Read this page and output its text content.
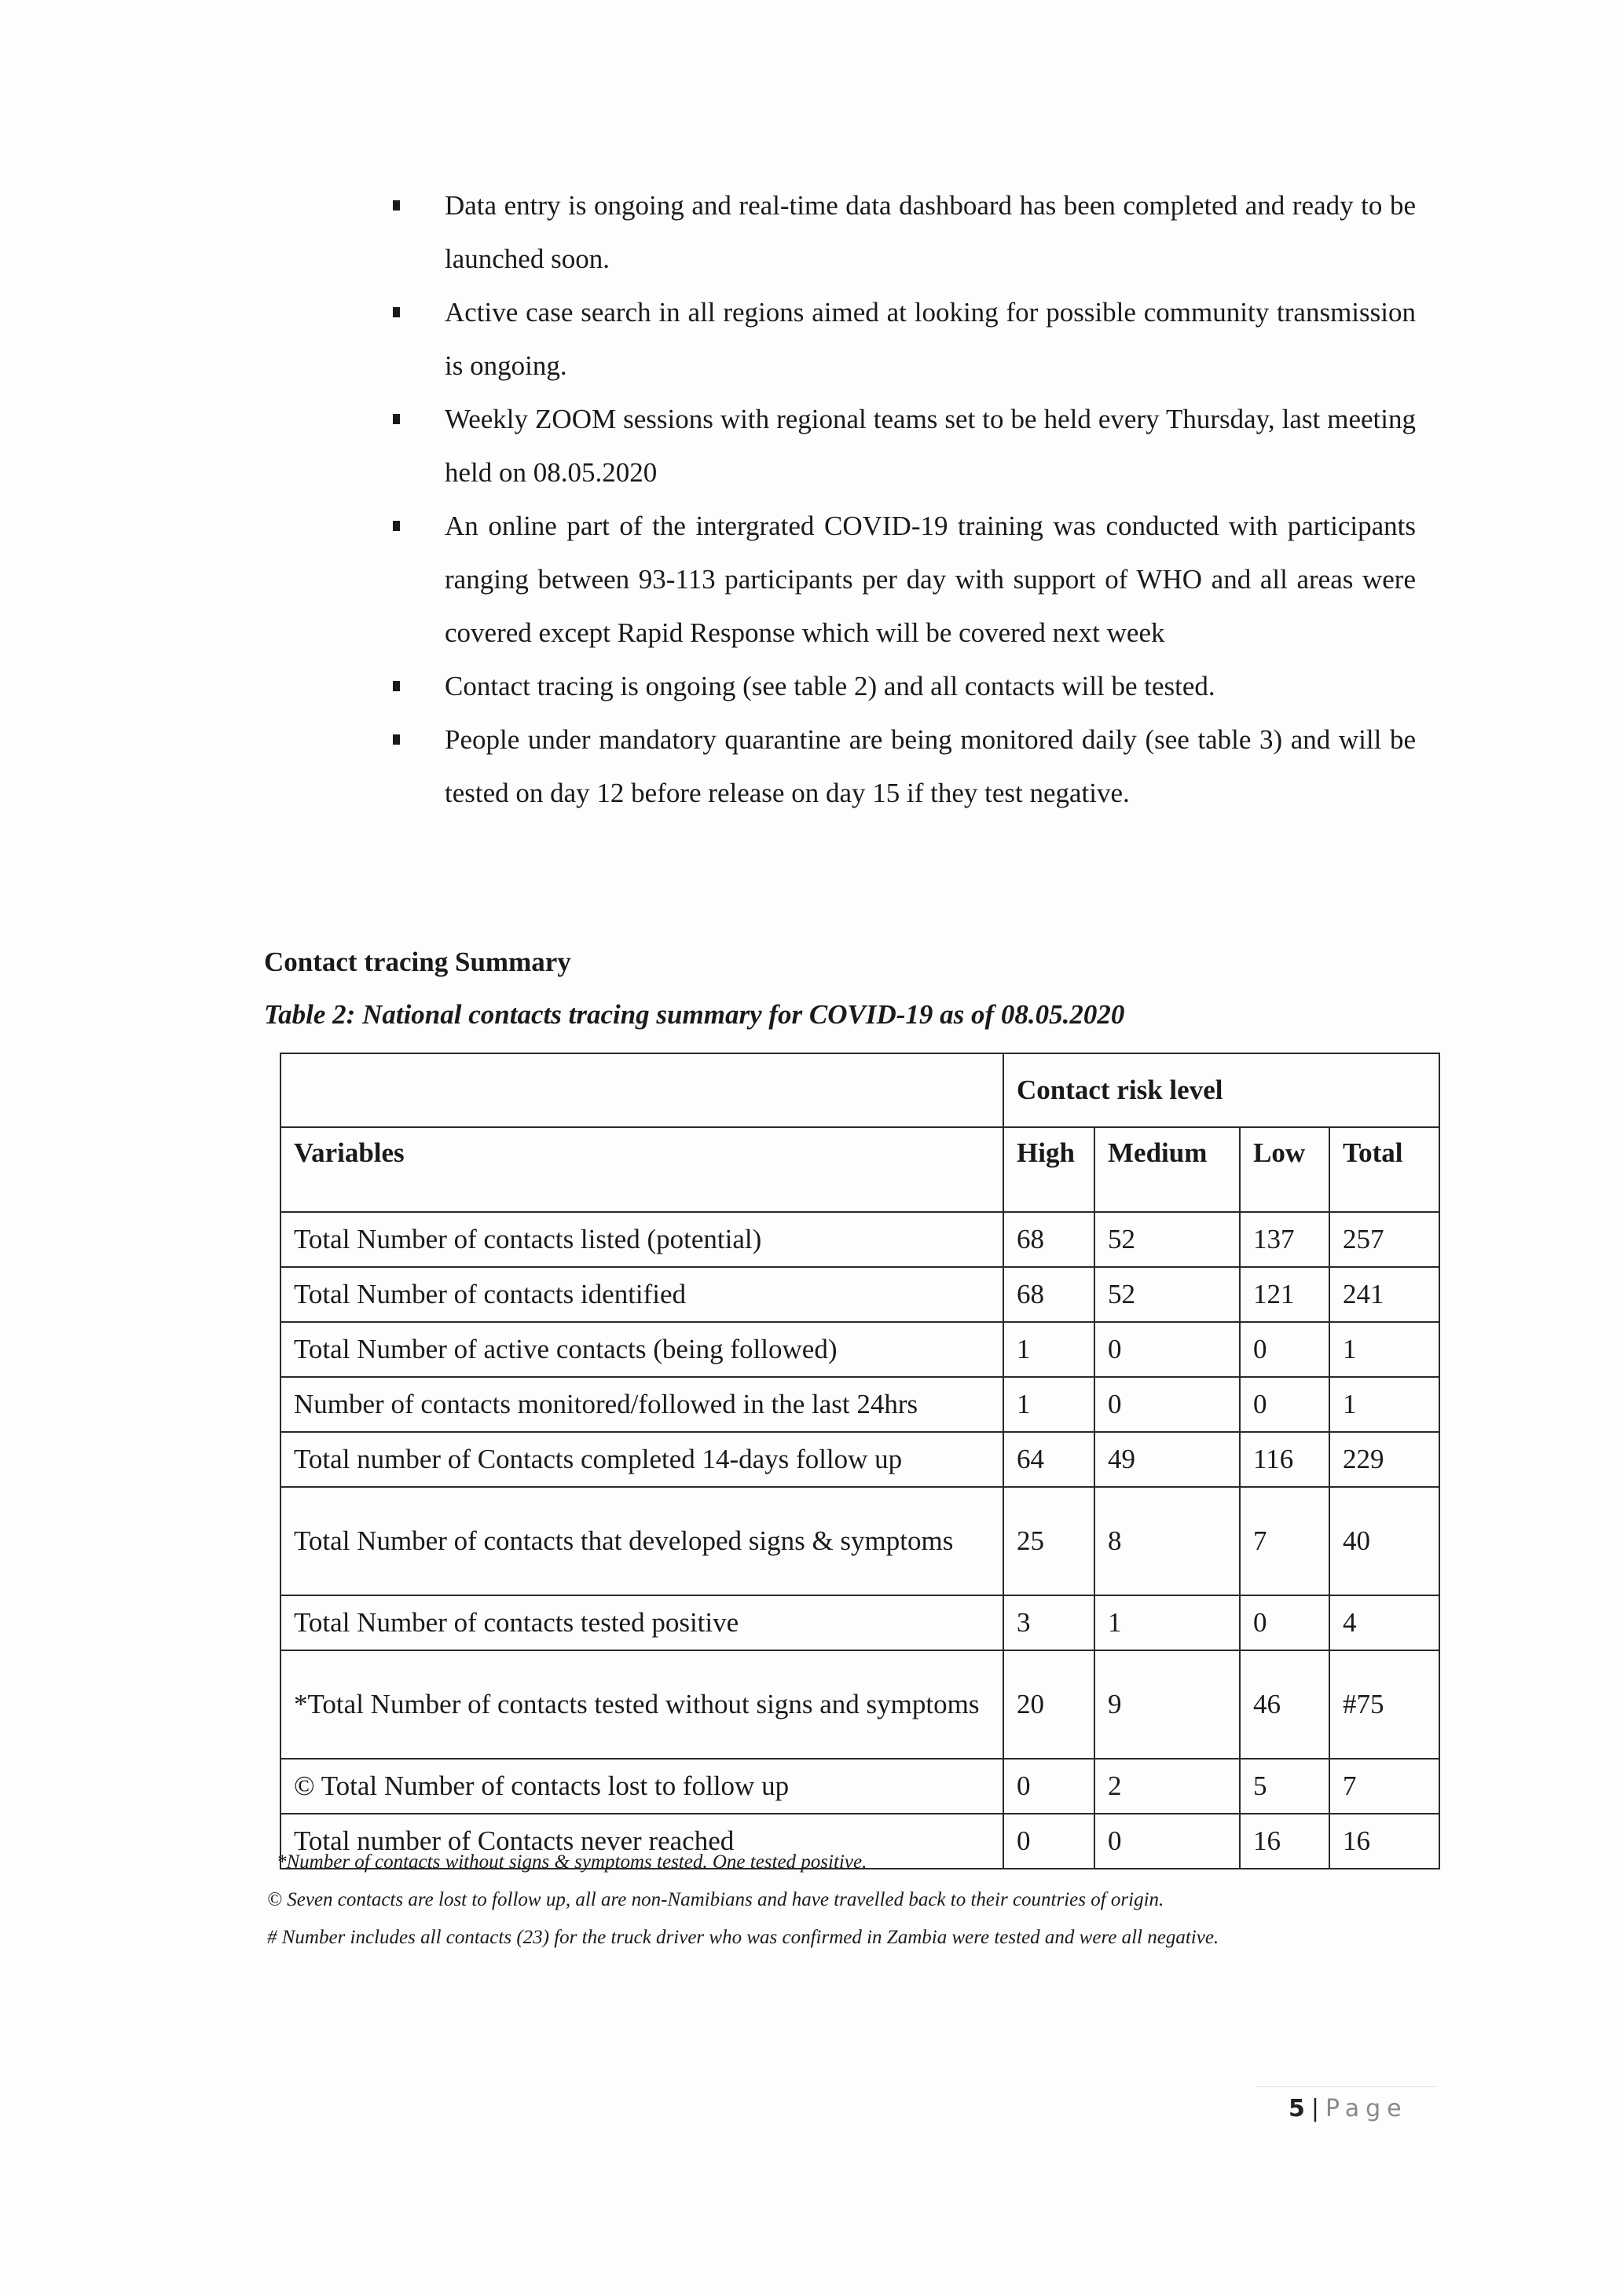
Data entry is ongoing and real-time data dashboard has been completed and ready to be launched soon.
Active case search in all regions aimed at looking for possible community transmission is ongoing.
Weekly ZOOM sessions with regional teams set to be held every Thursday, last meeting held on 08.05.2020
An online part of the intergrated COVID-19 training was conducted with participants ranging between 93-113 participants per day with support of WHO and all areas were covered except Rapid Response which will be covered next week
Contact tracing is ongoing (see table 2) and all contacts will be tested.
People under mandatory quarantine are being monitored daily (see table 3) and will be tested on day 12 before release on day 15 if they test negative.
Contact tracing Summary

Table 2: National contacts tracing summary for COVID-19 as of 08.05.2020

	Contact risk level			
Variables	High	Medium	Low	Total
Total Number of contacts listed (potential)	68	52	137	257
Total Number of contacts identified	68	52	121	241
Total Number of active contacts (being followed)	1	0	0	1
Number of contacts monitored/followed in the last 24hrs	1	0	0	1
Total number of Contacts completed 14-days follow up	64	49	116	229
Total Number of contacts that developed signs & symptoms	25	8	7	40
Total Number of contacts tested positive	3	1	0	4
*Total Number of contacts tested without signs and symptoms	20	9	46	#75
© Total Number of contacts lost to follow up	0	2	5	7
Total number of Contacts never reached	0	0	16	16

*Number of contacts without signs & symptoms tested. One tested positive.

© Seven contacts are lost to follow up, all are non-Namibians and have travelled back to their countries of origin.

# Number includes all contacts (23) for the truck driver who was confirmed in Zambia were tested and were all negative.

5 | Page
